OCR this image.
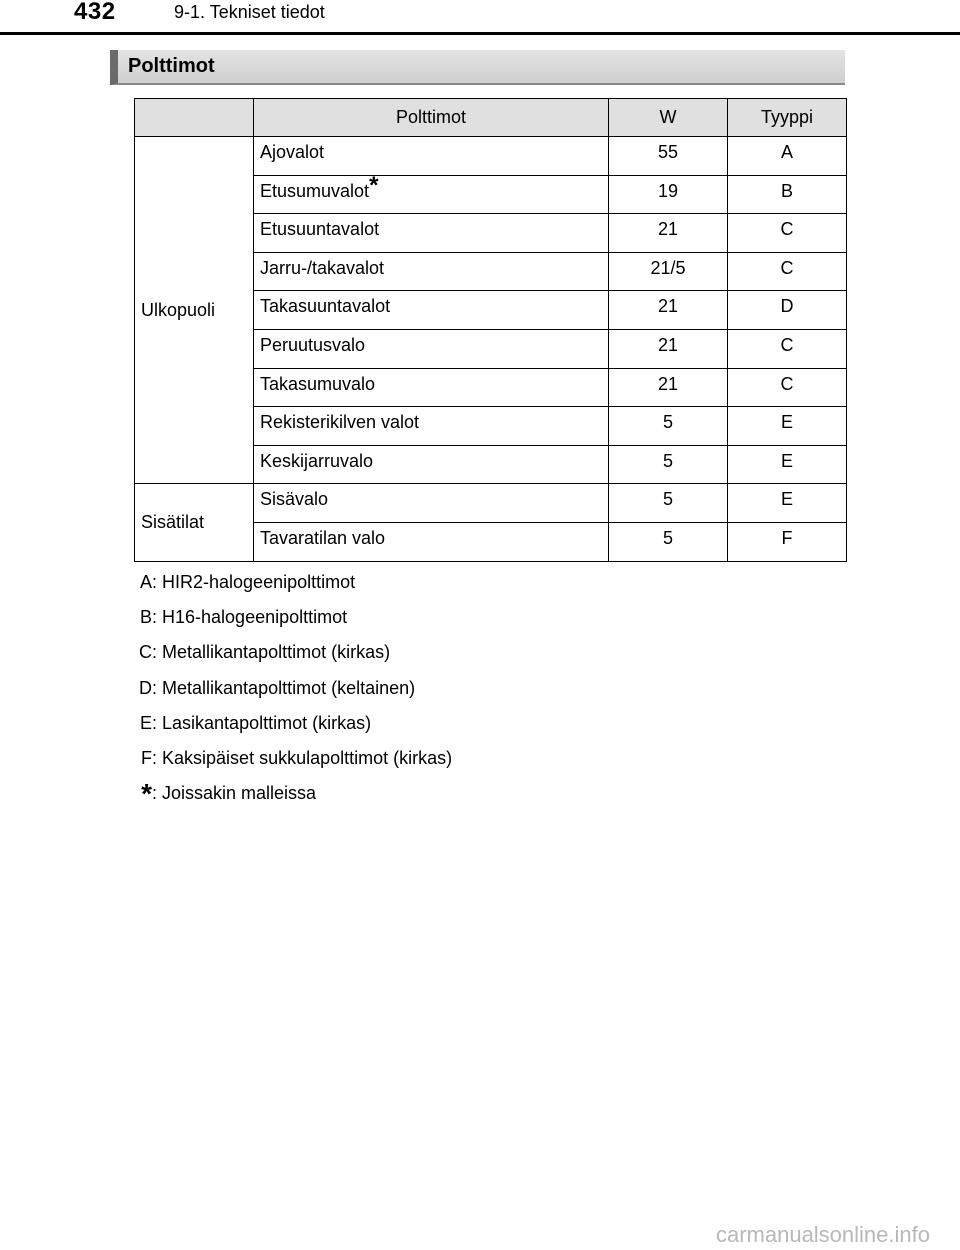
432	9-1. Tekniset tiedot
Polttimot
	Polttimot	W	Tyyppi
Ulkopuoli	Ajovalot	55	A
	Etusumuvalot*	19	B
	Etusuuntavalot	21	C
	Jarru-/takavalot	21/5	C
	Takasuuntavalot	21	D
	Peruutusvalo	21	C
	Takasumuvalo	21	C
	Rekisterikilven valot	5	E
	Keskijarruvalo	5	E
Sisätilat	Sisävalo	5	E
	Tavaratilan valo	5	F
A : HIR2-halogeenipolttimot
B : H16-halogeenipolttimot
C : Metallikantapolttimot (kirkas)
D : Metallikantapolttimot (keltainen)
E : Lasikantapolttimot (kirkas)
F : Kaksipäiset sukkulapolttimot (kirkas)
* : Joissakin malleissa
carmanualsonline.info
